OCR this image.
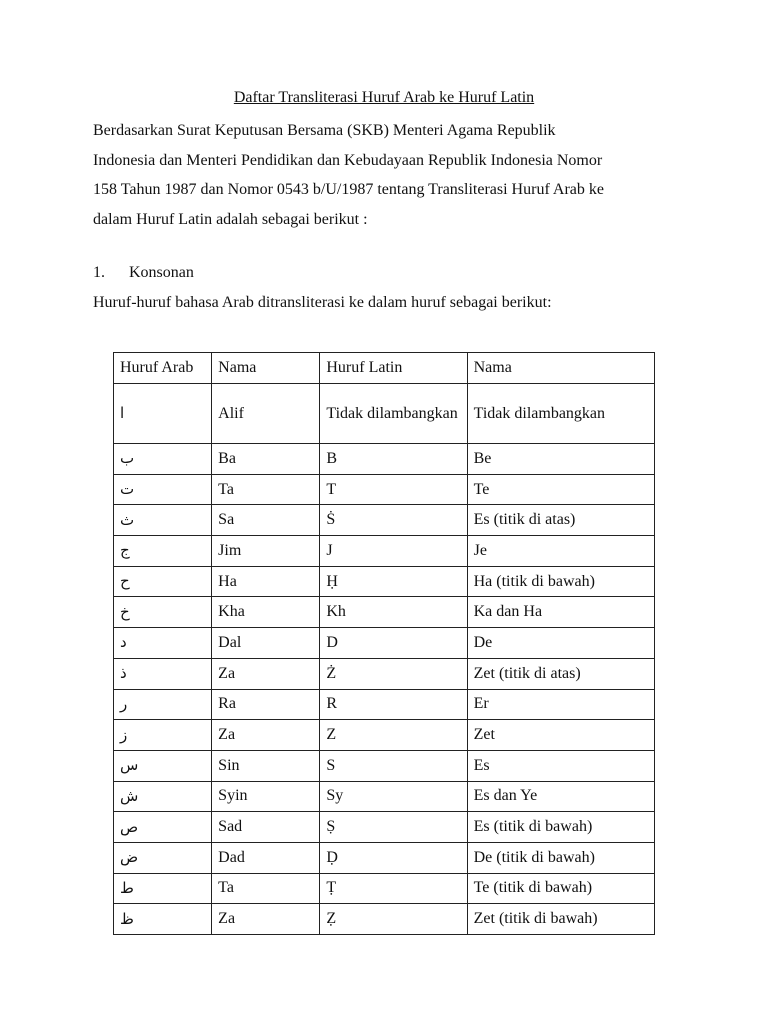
Daftar Transliterasi Huruf Arab ke Huruf Latin
Berdasarkan Surat Keputusan Bersama (SKB) Menteri Agama Republik
Indonesia dan Menteri Pendidikan dan Kebudayaan Republik Indonesia Nomor
158 Tahun 1987 dan Nomor 0543 b/U/1987 tentang Transliterasi Huruf Arab ke
dalam Huruf Latin adalah sebagai berikut :
1. Konsonan
Huruf-huruf bahasa Arab ditransliterasi ke dalam huruf sebagai berikut:
Huruf Arab	Nama	Huruf Latin	Nama
ا	Alif	Tidak dilambangkan	Tidak dilambangkan
ب	Ba	B	Be
ت	Ta	T	Te
ث	Sa	Ṡ	Es (titik di atas)
ج	Jim	J	Je
ح	Ha	Ḥ	Ha (titik di bawah)
خ	Kha	Kh	Ka dan Ha
د	Dal	D	De
ذ	Za	Ż	Zet (titik di atas)
ر	Ra	R	Er
ز	Za	Z	Zet
س	Sin	S	Es
ش	Syin	Sy	Es dan Ye
ص	Sad	Ṣ	Es (titik di bawah)
ض	Dad	Ḍ	De (titik di bawah)
ط	Ta	Ṭ	Te (titik di bawah)
ظ	Za	Ẓ	Zet (titik di bawah)
